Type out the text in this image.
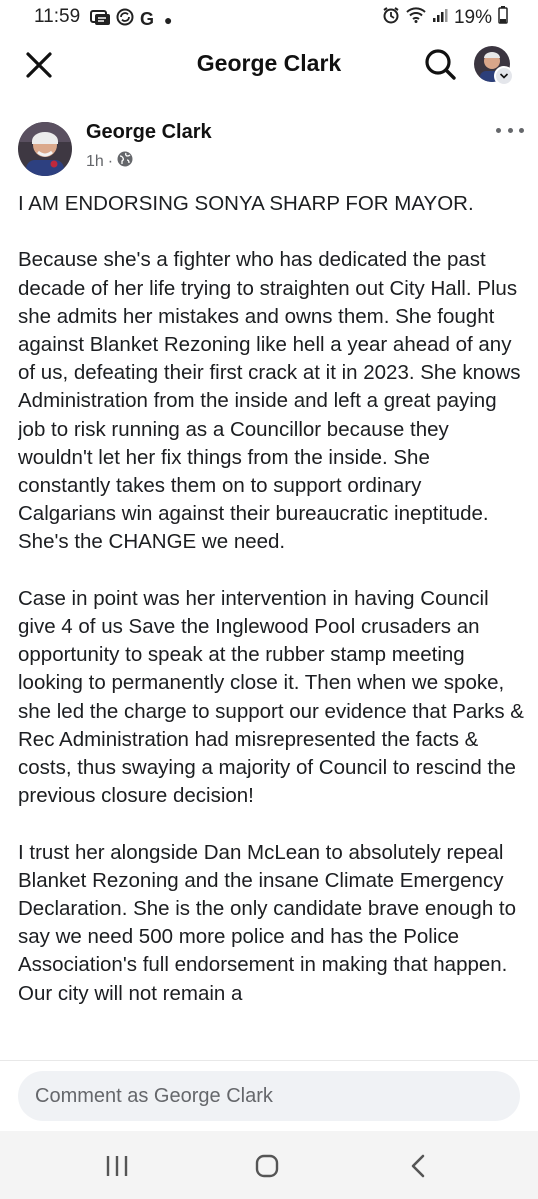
11:59	G ●	19%
George Clark
George Clark
1h ·

I AM ENDORSING SONYA SHARP FOR MAYOR.

Because she's a fighter who has dedicated the past decade of her life trying to straighten out City Hall. Plus she admits her mistakes and owns them. She fought against Blanket Rezoning like hell a year ahead of any of us, defeating their first crack at it in 2023. She knows Administration from the inside and left a great paying job to risk running as a Councillor because they wouldn't let her fix things from the inside. She constantly takes them on to support ordinary Calgarians win against their bureaucratic ineptitude. She's the CHANGE we need.

Case in point was her intervention in having Council give 4 of us Save the Inglewood Pool crusaders an opportunity to speak at the rubber stamp meeting looking to permanently close it. Then when we spoke, she led the charge to support our evidence that Parks & Rec Administration had misrepresented the facts & costs, thus swaying a majority of Council to rescind the previous closure decision!

I trust her alongside Dan McLean to absolutely repeal Blanket Rezoning and the insane Climate Emergency Declaration. She is the only candidate brave enough to say we need 500 more police and has the Police Association's full endorsement in making that happen. Our city will not remain a

Comment as George Clark
